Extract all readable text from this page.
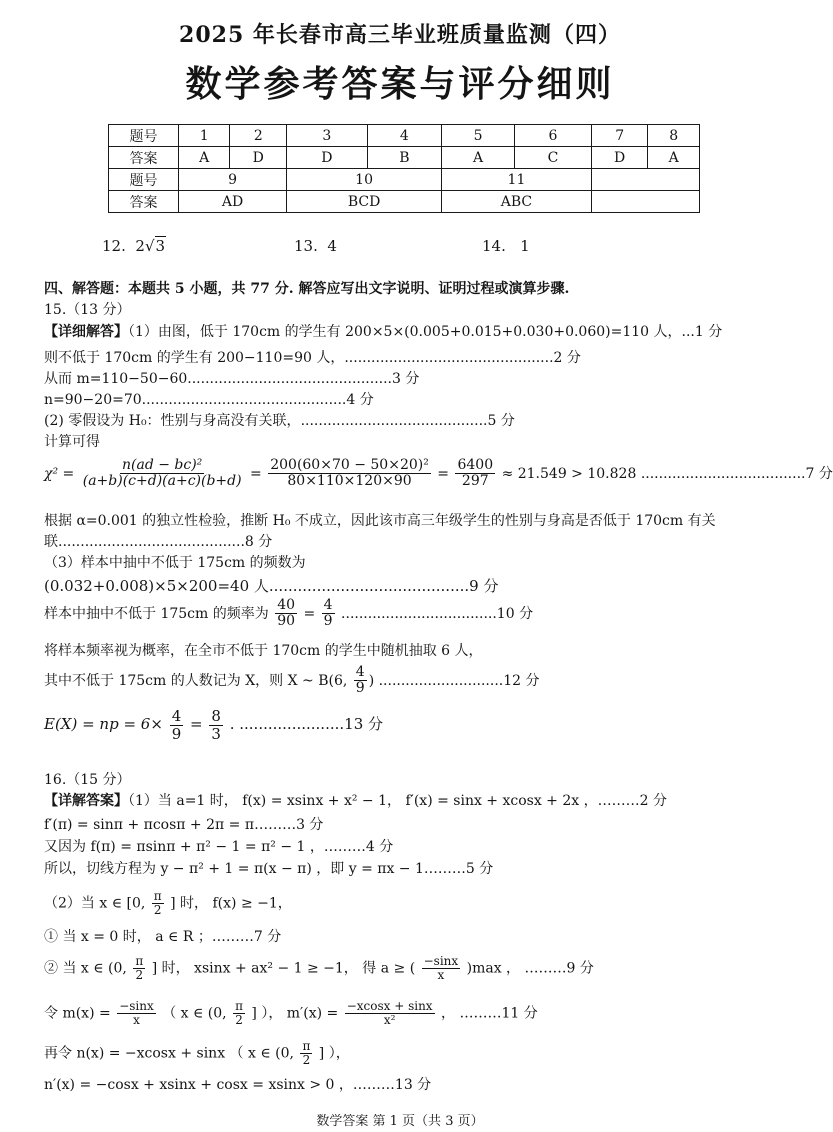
2025 年长春市高三毕业班质量监测（四）
数学参考答案与评分细则
题号	1	2	3	4	5	6	7	8
答案	A	D	D	B	A	C	D	A
题号	9		10		11			
答案	AD		BCD		ABC			
12. 2√3	13. 4	14. 1
四、解答题：本题共 5 小题，共 77 分. 解答应写出文字说明、证明过程或演算步骤.
15.（13 分）
【详细解答】（1）由图，低于 170cm 的学生有 200×5×(0.005+0.015+0.030+0.060)=110 人，...1 分
则不低于 170cm 的学生有 200−110=90 人，...............................................2 分
从而 m=110−50−60..............................................3 分
n=90−20=70..............................................4 分
(2) 零假设为 H₀：性别与身高没有关联，..........................................5 分
计算可得
$\chi^2 = \frac{\text{n(ad − bc)²}}{(a+b)(c+d)(a+c)(b+d)} = \frac{\text{200(60×70 − 50×20)²}}{80\times 110\times 120\times 90} = \frac{6400}{297} \approx 21.549 > 10.828$ .....................................7 分
根据 α=0.001 的独立性检验，推断 H₀ 不成立，因此该市高三年级学生的性别与身高是否低于 170cm 有关
联..........................................8 分
（3）样本中抽中不低于 175cm 的频数为
(0.032+0.008)×5×200=40 人..........................................9 分
样本中抽中不低于 175cm 的频率为 $\frac{40}{90} = \frac{4}{9} ...................................10$ 分
将样本频率视为概率，在全市不低于 170cm 的学生中随机抽取 6 人，
其中不低于 175cm 的人数记为 X，则 X ~ B(6, $\frac{4}{9}$ ) ............................12 分
E(X) = np = $6\times \frac{4}{9} = \frac{8}{3}$ . ......................13 分
16.（15 分）
【详解答案】（1）当 a=1 时， f(x) = xsinx + x² − 1， f′(x) = sinx + xcosx + 2x ，………2 分
f′(π) = sinπ + πcosπ + 2π = π………3 分
又因为 f(π) = πsinπ + π² − 1 = π² − 1 ，………4 分
所以，切线方程为 y − π² + 1 = π(x − π) ，即 y = πx − 1………5 分
（2）当 x ∈ [0, $\frac{\pi}{2}$ ] 时， f(x) ≥ −1，
① 当 x = 0 时， a ∈ R ；………7 分
② 当 x ∈ (0, $\frac{\pi}{2}$ ] 时， xsinx + ax² − 1 ≥ −1， 得 a ≥ ( $\frac{-\sin x}{x} )\max$ ， ………9 分
令 $m(x) = \frac{-\sin x}{x}$ （ x ∈ (0, $\frac{\pi}{2}$ ] ）， $m'(x) = \frac{-xcosx + \sin x}{\text{x²}}$ ， ………11 分
再令 n(x) = −xcosx + sinx （ x ∈ (0, $\frac{\pi}{2}$ ] ），
n′(x) = −cosx + xsinx + cosx = xsinx > 0 ，………13 分
数学答案 第 1 页（共 3 页）
